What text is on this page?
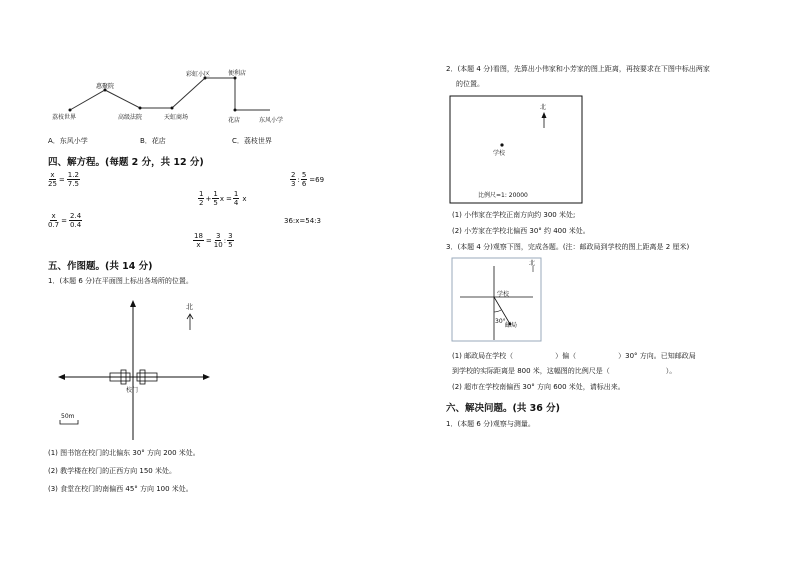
荔枝世界
惠聚院
高级法院	天虹商场
彩虹小区	便利店
花店	东风小学
A．东风小学	B．花店	C．荔枝世界
四、解方程。(每题 2 分，共 12 分)
$\frac{x}{25} = \frac{1.2}{7.5}$	2
3
: $\frac{5}{6} =69$
1
2
+ $\frac{1}{5}$ $x = \frac{1}{4}$ x
$\frac{x}{0.7} = \frac{2.4}{0.4}$	36:x=54:3
$\frac{18}{x} = \frac{3}{10}$ :
3
5
五、作图题。(共 14 分)
1．(本题 6 分)在平面图上标出各场所的位置。
北
校门
50m
(1) 图书馆在校门的北偏东 30° 方向 200 米处。
(2) 教学楼在校门的正西方向 150 米处。
(3) 食堂在校门的南偏西 45° 方向 100 米处。
2．(本题 4 分)看图，先算出小伟家和小芳家的图上距离，再按要求在下图中标出两家
的位置。
北
学校
比例尺=1: 20000
(1) 小伟家在学校正南方向约 300 米处;
(2) 小芳家在学校北偏西 30° 约 400 米处。
3．(本题 4 分)观察下图，完成各题。(注：邮政局到学校的图上距离是 2 厘米)
北
学校
邮局
30°
(1) 邮政局在学校（　　　　　　）偏（　　　　　　）30° 方向。已知邮政局
到学校的实际距离是 800 米，这幅图的比例尺是（　　　　　　　　）。
(2) 超市在学校南偏西 30° 方向 600 米处，请标出来。
六、解决问题。(共 36 分)
1．(本题 6 分)观察与测量。
